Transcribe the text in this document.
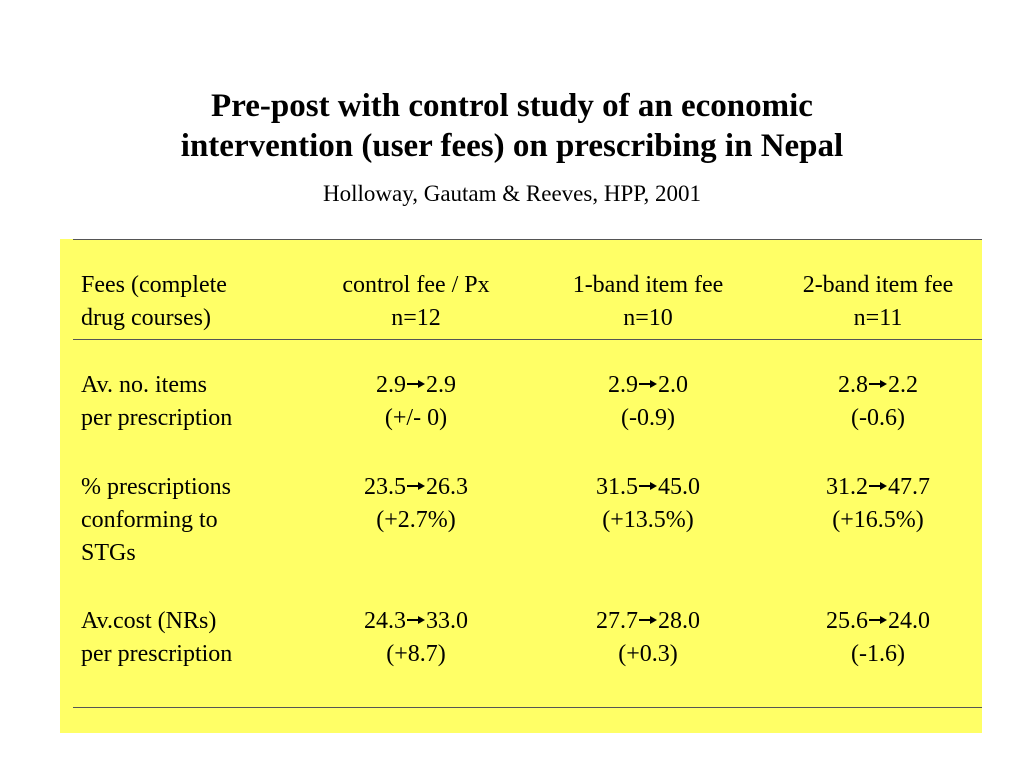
Pre-post with control study of an economic
intervention (user fees) on prescribing in Nepal
Holloway, Gautam & Reeves, HPP, 2001
Fees (complete
drug courses)
control fee / Px
n=12
1-band item fee
n=10
2-band item fee
n=11
Av. no. items
per prescription
2.9 2.9
(+/- 0)
2.9 2.0
(-0.9)
2.8 2.2
(-0.6)
% prescriptions
conforming to
STGs
23.5 26.3
(+2.7%)
31.5 45.0
(+13.5%)
31.2 47.7
(+16.5%)
Av.cost (NRs)
per prescription
24.3 33.0
(+8.7)
27.7 28.0
(+0.3)
25.6 24.0
(-1.6)
